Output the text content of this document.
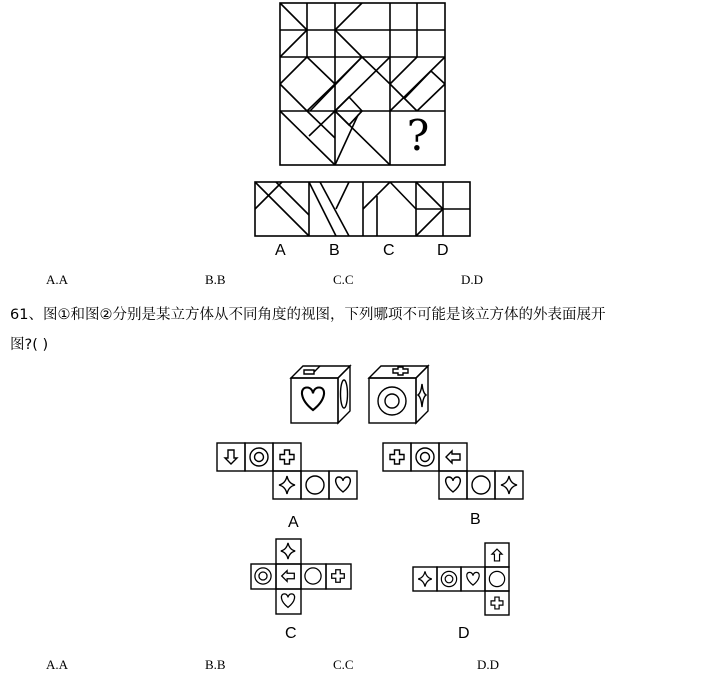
?
A	B	C	D
A.A	B.B	C.C	D.D
61、图①和图②分别是某立方体从不同角度的视图，下列哪项不可能是该立方体的外表面展开
图?( )
A	B
C	D
A.A	B.B	C.C	D.D
